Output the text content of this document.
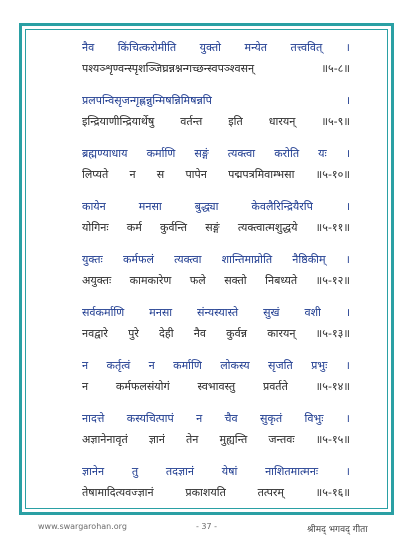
नैव किंचित्करोमीति युक्तो मन्येत तत्त्ववित् ।
पश्यञ्शृण्वन्स्पृशञ्जिघ्रन्नश्नन्गच्छन्स्वपञ्श्वसन्	॥५-८॥
प्रलपन्विसृजन्गृह्णन्नुन्मिषन्निमिषन्नपि	।
इन्द्रियाणीन्द्रियार्थेषु वर्तन्त इति धारयन् ॥५-९॥
ब्रह्मण्याधाय कर्माणि सङ्गं त्यक्त्वा करोति यः ।
लिप्यते न स पापेन पद्मपत्रमिवाम्भसा ॥५-१०॥
कायेन	मनसा	बुद्ध्या	केवलैरिन्द्रियैरपि	।
योगिनः कर्म कुर्वन्ति सङ्गं त्यक्त्वात्मशुद्धये ॥५-११॥
युक्तः कर्मफलं त्यक्त्वा शान्तिमाप्नोति नैष्ठिकीम् ।
अयुक्तः कामकारेण फले सक्तो निबध्यते ॥५-१२॥
सर्वकर्माणि मनसा संन्यस्यास्ते सुखं वशी ।
नवद्वारे पुरे देही नैव कुर्वन्न कारयन् ॥५-१३॥
न कर्तृत्वं न कर्माणि लोकस्य सृजति प्रभुः ।
न	कर्मफलसंयोगं	स्वभावस्तु	प्रवर्तते	॥५-१४॥
नादत्ते कस्यचित्पापं न चैव सुकृतं विभुः ।
अज्ञानेनावृतं ज्ञानं तेन मुह्यन्ति जन्तवः ॥५-१५॥
ज्ञानेन	तु	तदज्ञानं	येषां	नाशितमात्मनः	।
तेषामादित्यवज्ज्ञानं	प्रकाशयति	तत्परम्	॥५-१६॥
www.swargarohan.org	- 37 -	श्रीमद् भगवद् गीता
